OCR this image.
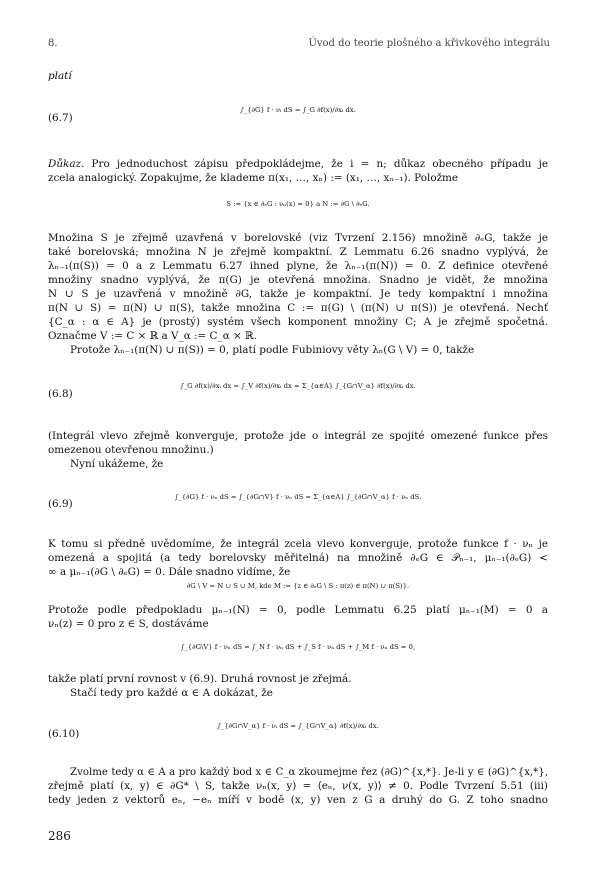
8.	Úvod do teorie plošného a křivkového integrálu
platí
(6.7)
∫_{∂G} f · νᵢ dS = ∫_G ∂f(x)/∂xᵢ dx.
Důkaz. Pro jednoduchost zápisu předpokládejme, že i = n; důkaz obecného případu je
zcela analogický. Zopakujme, že klademe π(x₁, …, xₙ) := (x₁, …, xₙ₋₁). Položme
S := {x ∈ ∂ₑG : νₙ(x) = 0} a N := ∂G \ ∂ₑG.
Množina S je zřejmě uzavřená v borelovské (viz Tvrzení 2.156) množině ∂ₑG, takže je
také borelovská; množina N je zřejmě kompaktní. Z Lemmatu 6.26 snadno vyplývá, že
λₙ₋₁(π(S)) = 0 a z Lemmatu 6.27 ihned plyne, že λₙ₋₁(π(N)) = 0. Z definice otevřené
množiny snadno vyplývá, že π(G) je otevřená množina. Snadno je vidět, že množina
N ∪ S je uzavřená v množině ∂G, takže je kompaktní. Je tedy kompaktní i množina
π(N ∪ S) = π(N) ∪ π(S), takže množina C := π(G) \ (π(N) ∪ π(S)) je otevřená. Nechť
{C_α : α ∈ A} je (prostý) systém všech komponent množiny C; A je zřejmě spočetná.
Označme V := C × ℝ a V_α := C_α × ℝ.
Protože λₙ₋₁(π(N) ∪ π(S)) = 0, platí podle Fubiniovy věty λₙ(G \ V) = 0, takže
(6.8)
∫_G ∂f(x)/∂xᵢ dx = ∫_V ∂f(x)/∂xᵢ dx = Σ_{α∈A} ∫_{G∩V_α} ∂f(x)/∂xᵢ dx.
(Integrál vlevo zřejmě konverguje, protože jde o integrál ze spojité omezené funkce přes
omezenou otevřenou množinu.)
Nyní ukážeme, že
(6.9)
∫_{∂G} f · νₙ dS = ∫_{∂G∩V} f · νₙ dS = Σ_{α∈A} ∫_{∂G∩V_α} f · νₙ dS.
K tomu si předně uvědomíme, že integrál zcela vlevo konverguje, protože funkce f · νₙ je
omezená a spojitá (a tedy borelovsky měřitelná) na množině ∂ₑG ∈ 𝒫ₙ₋₁, μₙ₋₁(∂ₑG) <
∞ a μₙ₋₁(∂G \ ∂ₑG) = 0. Dále snadno vidíme, že
∂G \ V = N ∪ S ∪ M, kde M := {z ∈ ∂ₑG \ S : π(z) ∈ π(N) ∪ π(S)}.
Protože podle předpokladu μₙ₋₁(N) = 0, podle Lemmatu 6.25 platí μₙ₋₁(M) = 0 a
νₙ(z) = 0 pro z ∈ S, dostáváme
∫_{∂G\V} f · νₙ dS = ∫_N f · νₙ dS + ∫_S f · νₙ dS + ∫_M f · νₙ dS = 0,
takže platí první rovnost v (6.9). Druhá rovnost je zřejmá.
Stačí tedy pro každé α ∈ A dokázat, že
(6.10)
∫_{∂G∩V_α} f · νᵢ dS = ∫_{G∩V_α} ∂f(x)/∂xᵢ dx.
Zvolme tedy α ∈ A a pro každý bod x ∈ C_α zkoumejme řez (∂G)^{x,*}. Je-li y ∈ (∂G)^{x,*},
zřejmě platí (x, y) ∈ ∂G* \ S, takže νₙ(x, y) = ⟨eₙ, ν(x, y)⟩ ≠ 0. Podle Tvrzení 5.51 (iii)
tedy jeden z vektorů eₙ, −eₙ míří v bodě (x, y) ven z G a druhý do G. Z toho snadno
286
